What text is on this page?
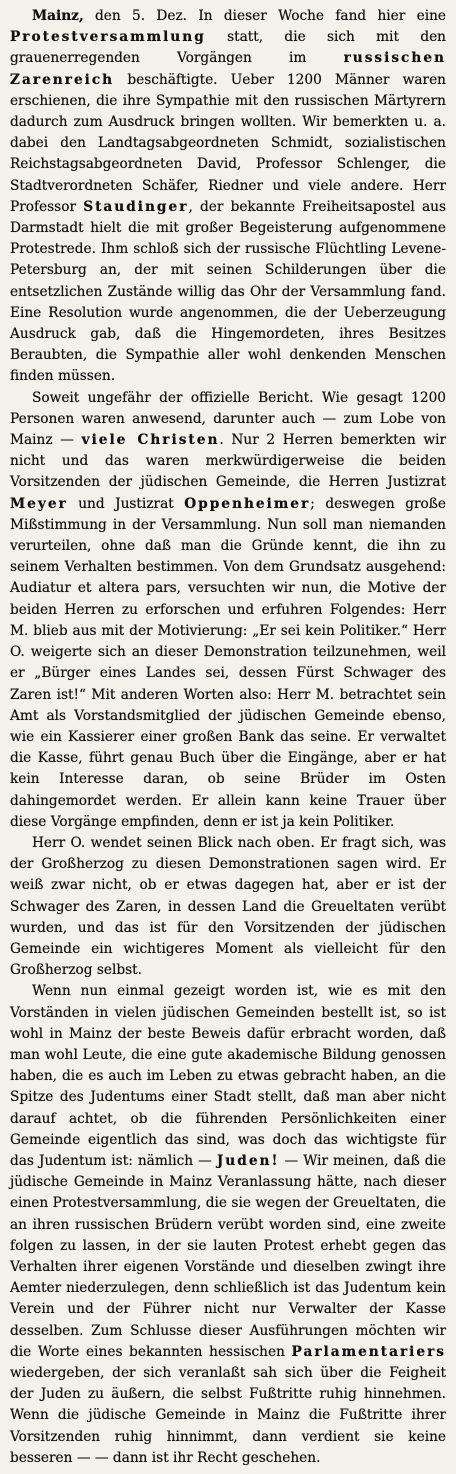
Mainz, den 5. Dez. In dieser Woche fand hier eine Protestversammlung statt, die sich mit den grauenerregenden Vorgängen im russischen Zarenreich beschäftigte. Ueber 1200 Männer waren erschienen, die ihre Sympathie mit den russischen Märtyrern dadurch zum Ausdruck bringen wollten. Wir bemerkten u. a. dabei den Landtagsabgeordneten Schmidt, sozialistischen Reichstagsabgeordneten David, Professor Schlenger, die Stadtverordneten Schäfer, Riedner und viele andere. Herr Professor Staudinger, der bekannte Freiheitsapostel aus Darmstadt hielt die mit großer Begeisterung aufgenommene Protestrede. Ihm schloß sich der russische Flüchtling Levene-Petersburg an, der mit seinen Schilderungen über die entsetzlichen Zustände willig das Ohr der Versammlung fand. Eine Resolution wurde angenommen, die der Ueberzeugung Ausdruck gab, daß die Hingemordeten, ihres Besitzes Beraubten, die Sympathie aller wohl denkenden Menschen finden müssen.

Soweit ungefähr der offizielle Bericht. Wie gesagt 1200 Personen waren anwesend, darunter auch — zum Lobe von Mainz — viele Christen. Nur 2 Herren bemerkten wir nicht und das waren merkwürdigerweise die beiden Vorsitzenden der jüdischen Gemeinde, die Herren Justizrat Meyer und Justizrat Oppenheimer; deswegen große Mißstimmung in der Versammlung. Nun soll man niemanden verurteilen, ohne daß man die Gründe kennt, die ihn zu seinem Verhalten bestimmen. Von dem Grundsatz ausgehend: Audiatur et altera pars, versuchten wir nun, die Motive der beiden Herren zu erforschen und erfuhren Folgendes: Herr M. blieb aus mit der Motivierung: „Er sei kein Politiker.“ Herr O. weigerte sich an dieser Demonstration teilzunehmen, weil er „Bürger eines Landes sei, dessen Fürst Schwager des Zaren ist!“ Mit anderen Worten also: Herr M. betrachtet sein Amt als Vorstandsmitglied der jüdischen Gemeinde ebenso, wie ein Kassierer einer großen Bank das seine. Er verwaltet die Kasse, führt genau Buch über die Eingänge, aber er hat kein Interesse daran, ob seine Brüder im Osten dahingemordet werden. Er allein kann keine Trauer über diese Vorgänge empfinden, denn er ist ja kein Politiker.

Herr O. wendet seinen Blick nach oben. Er fragt sich, was der Großherzog zu diesen Demonstrationen sagen wird. Er weiß zwar nicht, ob er etwas dagegen hat, aber er ist der Schwager des Zaren, in dessen Land die Greueltaten verübt wurden, und das ist für den Vorsitzenden der jüdischen Gemeinde ein wichtigeres Moment als vielleicht für den Großherzog selbst.

Wenn nun einmal gezeigt worden ist, wie es mit den Vorständen in vielen jüdischen Gemeinden bestellt ist, so ist wohl in Mainz der beste Beweis dafür erbracht worden, daß man wohl Leute, die eine gute akademische Bildung genossen haben, die es auch im Leben zu etwas gebracht haben, an die Spitze des Judentums einer Stadt stellt, daß man aber nicht darauf achtet, ob die führenden Persönlichkeiten einer Gemeinde eigentlich das sind, was doch das wichtigste für das Judentum ist: nämlich — Juden! — Wir meinen, daß die jüdische Gemeinde in Mainz Veranlassung hätte, nach dieser einen Protestversammlung, die sie wegen der Greueltaten, die an ihren russischen Brüdern verübt worden sind, eine zweite folgen zu lassen, in der sie lauten Protest erhebt gegen das Verhalten ihrer eigenen Vorstände und dieselben zwingt ihre Aemter niederzulegen, denn schließlich ist das Judentum kein Verein und der Führer nicht nur Verwalter der Kasse desselben. Zum Schlusse dieser Ausführungen möchten wir die Worte eines bekannten hessischen Parlamentariers wiedergeben, der sich veranlaßt sah sich über die Feigheit der Juden zu äußern, die selbst Fußtritte ruhig hinnehmen. Wenn die jüdische Gemeinde in Mainz die Fußtritte ihrer Vorsitzenden ruhig hinnimmt, dann verdient sie keine besseren — — dann ist ihr Recht geschehen.
